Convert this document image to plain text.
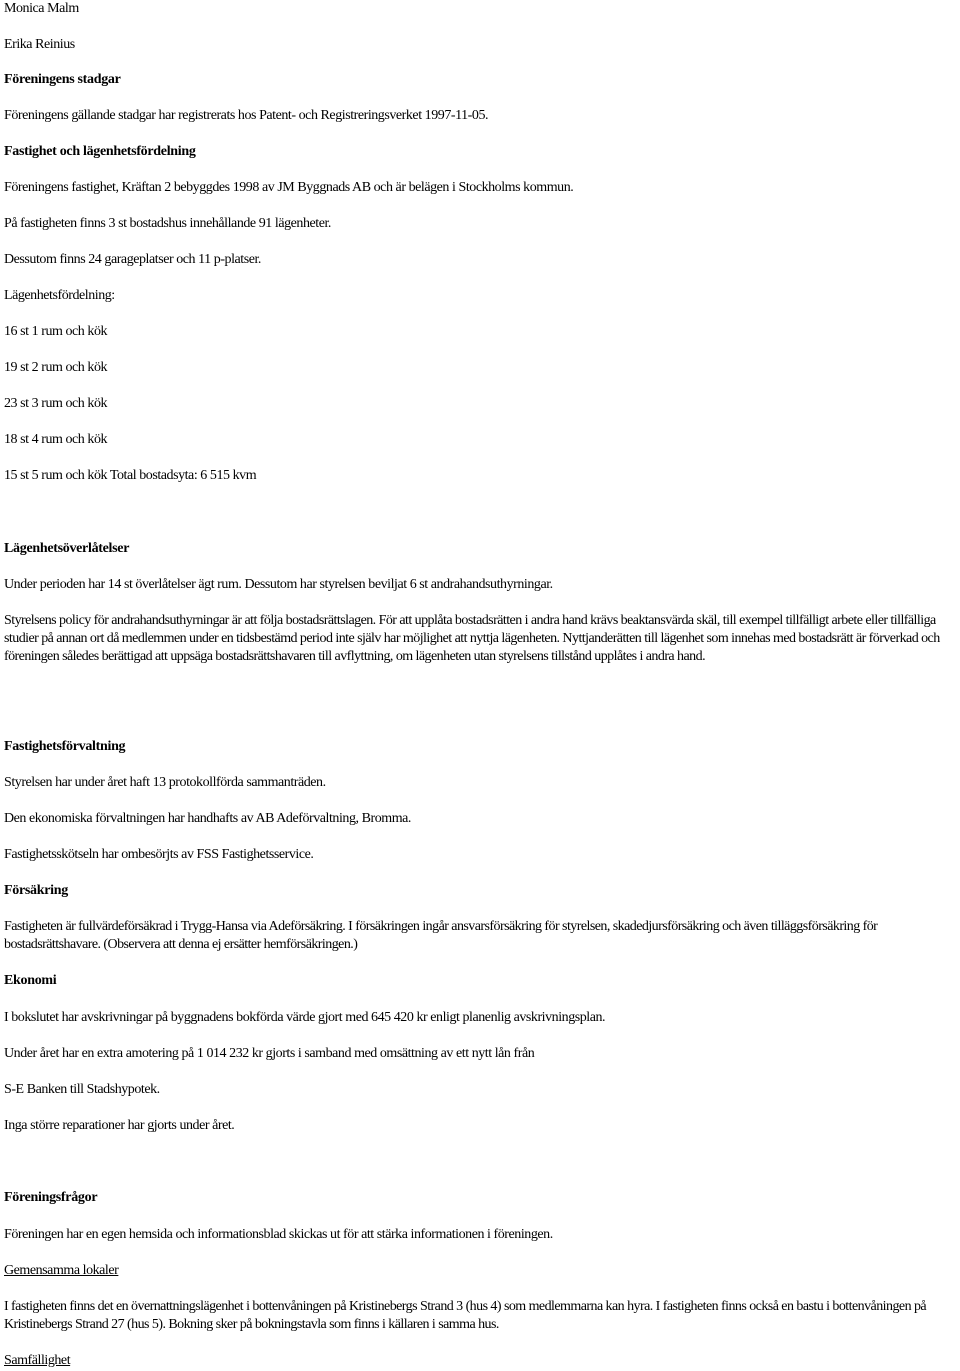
Monica Malm
Erika Reinius
Föreningens stadgar
Föreningens gällande stadgar har registrerats hos Patent- och Registreringsverket 1997-11-05.
Fastighet och lägenhetsfördelning
Föreningens fastighet, Kräftan 2 bebyggdes 1998 av JM Byggnads AB och är belägen i Stockholms kommun.
På fastigheten finns 3 st bostadshus innehållande 91 lägenheter.
Dessutom finns 24 garageplatser och 11 p-platser.
Lägenhetsfördelning:
16 st 1 rum och kök
19 st 2 rum och kök
23 st 3 rum och kök
18 st 4 rum och kök
15 st 5 rum och kök Total bostadsyta: 6 515 kvm
Lägenhetsöverlåtelser
Under perioden har 14 st överlåtelser ägt rum. Dessutom har styrelsen beviljat 6 st andrahandsuthyrningar.
Styrelsens policy för andrahandsuthyrningar är att följa bostadsrättslagen. För att upplåta bostadsrätten i andra hand krävs beaktansvärda skäl, till exempel tillfälligt arbete eller tillfälliga studier på annan ort då medlemmen under en tidsbestämd period inte själv har möjlighet att nyttja lägenheten. Nyttjanderätten till lägenhet som innehas med bostadsrätt är förverkad och föreningen således berättigad att uppsäga bostadsrättshavaren till avflyttning, om lägenheten utan styrelsens tillstånd upplåtes i andra hand.
Fastighetsförvaltning
Styrelsen har under året haft 13 protokollförda sammanträden.
Den ekonomiska förvaltningen har handhafts av AB Adeförvaltning, Bromma.
Fastighetsskötseln har ombesörjts av FSS Fastighetsservice.
Försäkring
Fastigheten är fullvärdeförsäkrad i Trygg-Hansa via Adeförsäkring. I försäkringen ingår ansvarsförsäkring för styrelsen, skadedjursförsäkring och även tilläggsförsäkring för bostadsrättshavare. (Observera att denna ej ersätter hemförsäkringen.)
Ekonomi
I bokslutet har avskrivningar på byggnadens bokförda värde gjort med 645 420 kr enligt planenlig avskrivningsplan.
Under året har en extra amotering på 1 014 232 kr gjorts i samband med omsättning av ett nytt lån från
S-E Banken till Stadshypotek.
Inga större reparationer har gjorts under året.
Föreningsfrågor
Föreningen har en egen hemsida och informationsblad skickas ut för att stärka informationen i föreningen.
Gemensamma lokaler
I fastigheten finns det en övernattningslägenhet i bottenvåningen på Kristinebergs Strand 3 (hus 4) som medlemmarna kan hyra. I fastigheten finns också en bastu i bottenvåningen på Kristinebergs Strand 27 (hus 5). Bokning sker på bokningstavla som finns i källaren i samma hus.
Samfällighet
